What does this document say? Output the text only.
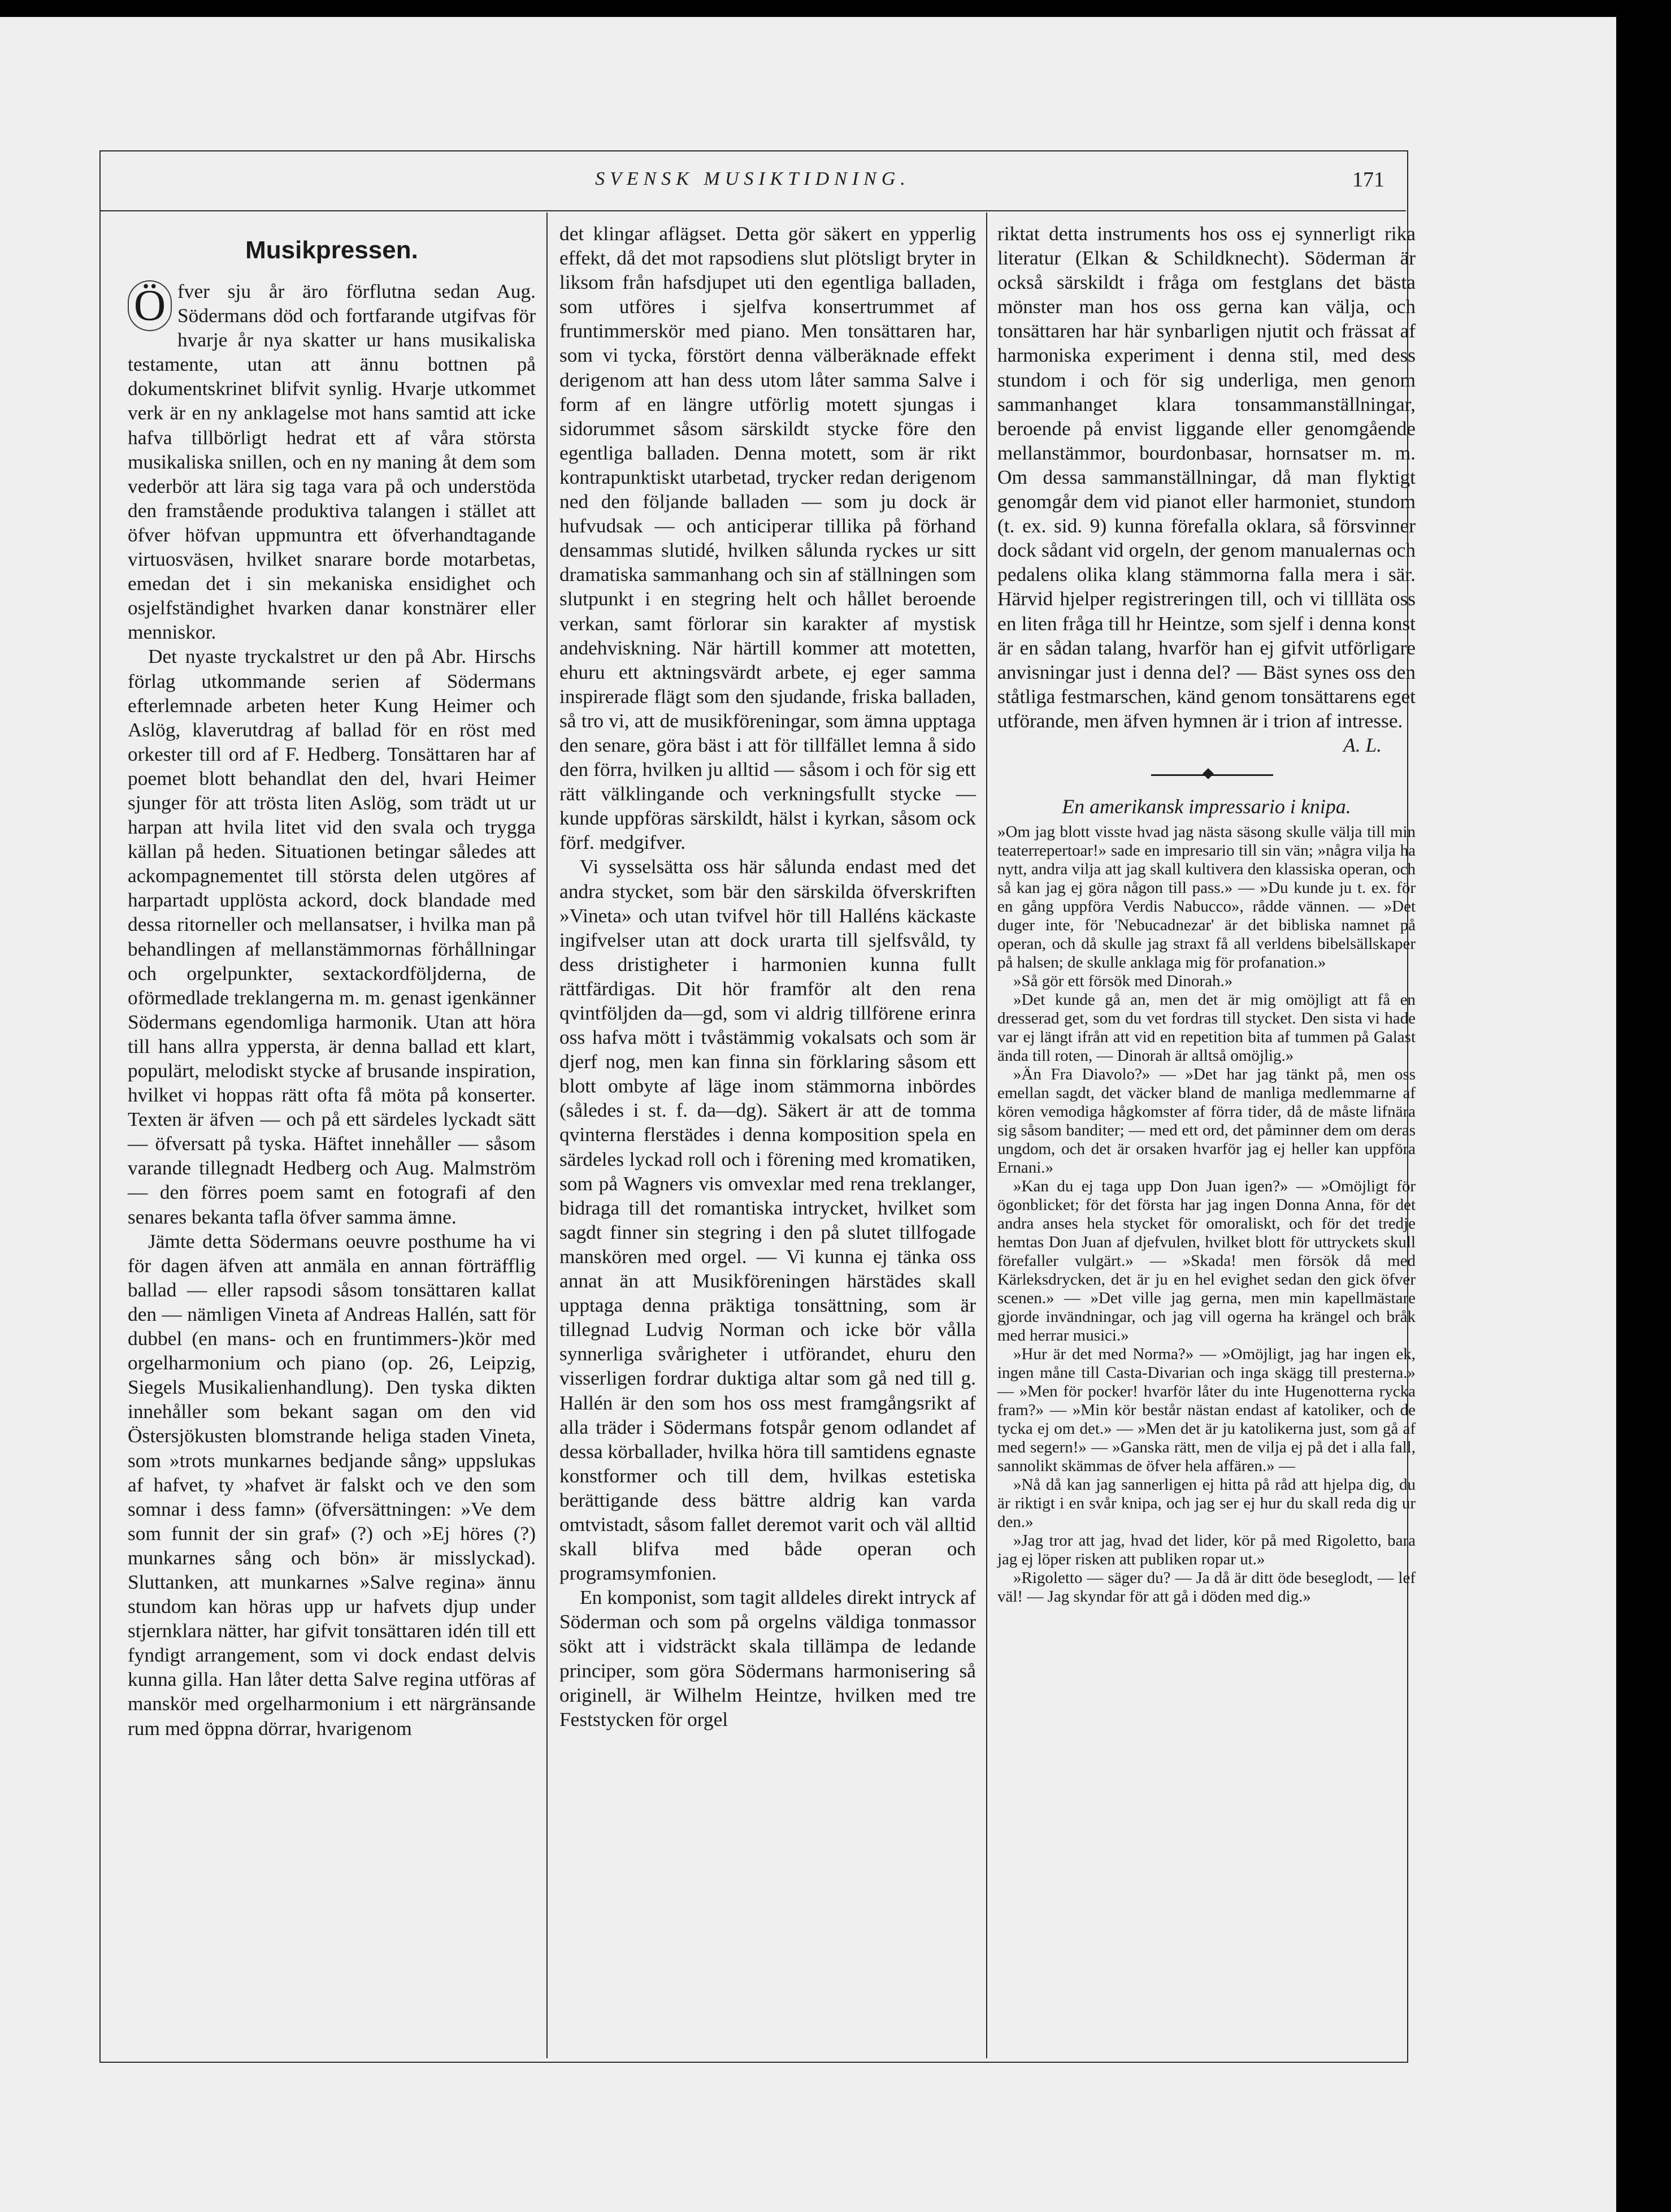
SVENSK MUSIKTIDNING.	171
Musikpressen.

Ö fver sju år äro förflutna sedan Aug. Södermans död och fortfarande utgifvas för hvarje år nya skatter ur hans musikaliska testamente, utan att ännu bottnen på dokumentskrinet blifvit synlig. Hvarje utkommet verk är en ny anklagelse mot hans samtid att icke hafva tillbörligt hedrat ett af våra största musikaliska snillen, och en ny maning åt dem som vederbör att lära sig taga vara på och understöda den framstående produktiva talangen i stället att öfver höfvan uppmuntra ett öfverhandtagande virtuosväsen, hvilket snarare borde motarbetas, emedan det i sin mekaniska ensidighet och osjelfständighet hvarken danar konstnärer eller menniskor.

Det nyaste tryckalstret ur den på Abr. Hirschs förlag utkommande serien af Södermans efterlemnade arbeten heter Kung Heimer och Aslög, klaverutdrag af ballad för en röst med orkester till ord af F. Hedberg. Tonsättaren har af poemet blott behandlat den del, hvari Heimer sjunger för att trösta liten Aslög, som trädt ut ur harpan att hvila litet vid den svala och trygga källan på heden. Situationen betingar således att ackompagnementet till största delen utgöres af harpartadt upplösta ackord, dock blandade med dessa ritorneller och mellansatser, i hvilka man på behandlingen af mellanstämmornas förhållningar och orgelpunkter, sextackordföljderna, de oförmedlade treklangerna m. m. genast igenkänner Södermans egendomliga harmonik. Utan att höra till hans allra yppersta, är denna ballad ett klart, populärt, melodiskt stycke af brusande inspiration, hvilket vi hoppas rätt ofta få möta på konserter. Texten är äfven — och på ett särdeles lyckadt sätt — öfversatt på tyska. Häftet innehåller — såsom varande tillegnadt Hedberg och Aug. Malmström — den förres poem samt en fotografi af den senares bekanta tafla öfver samma ämne.

Jämte detta Södermans oeuvre posthume ha vi för dagen äfven att anmäla en annan förträfflig ballad — eller rapsodi såsom tonsättaren kallat den — nämligen Vineta af Andreas Hallén, satt för dubbel (en mans- och en fruntimmers-)kör med orgelharmonium och piano (op. 26, Leipzig, Siegels Musikalienhandlung). Den tyska dikten innehåller som bekant sagan om den vid Östersjökusten blomstrande heliga staden Vineta, som »trots munkarnes bedjande sång» uppslukas af hafvet, ty »hafvet är falskt och ve den som somnar i dess famn» (öfversättningen: »Ve dem som funnit der sin graf» (?) och »Ej höres (?) munkarnes sång och bön» är misslyckad). Sluttanken, att munkarnes »Salve regina» ännu stundom kan höras upp ur hafvets djup under stjernklara nätter, har gifvit tonsättaren idén till ett fyndigt arrangement, som vi dock endast delvis kunna gilla. Han låter detta Salve regina utföras af manskör med orgelharmonium i ett närgränsande rum med öppna dörrar, hvarigenom

det klingar aflägset. Detta gör säkert en ypperlig effekt, då det mot rapsodiens slut plötsligt bryter in liksom från hafsdjupet uti den egentliga balladen, som utföres i sjelfva konsertrummet af fruntimmerskör med piano. Men tonsättaren har, som vi tycka, förstört denna välberäknade effekt derigenom att han dess utom låter samma Salve i form af en längre utförlig motett sjungas i sidorummet såsom särskildt stycke före den egentliga balladen. Denna motett, som är rikt kontrapunktiskt utarbetad, trycker redan derigenom ned den följande balladen — som ju dock är hufvudsak — och anticiperar tillika på förhand densammas slutidé, hvilken sålunda ryckes ur sitt dramatiska sammanhang och sin af ställningen som slutpunkt i en stegring helt och hållet beroende verkan, samt förlorar sin karakter af mystisk andehviskning. När härtill kommer att motetten, ehuru ett aktningsvärdt arbete, ej eger samma inspirerade flägt som den sjudande, friska balladen, så tro vi, att de musikföreningar, som ämna upptaga den senare, göra bäst i att för tillfället lemna å sido den förra, hvilken ju alltid — såsom i och för sig ett rätt välklingande och verkningsfullt stycke — kunde uppföras särskildt, hälst i kyrkan, såsom ock förf. medgifver.

Vi sysselsätta oss här sålunda endast med det andra stycket, som bär den särskilda öfverskriften »Vineta» och utan tvifvel hör till Halléns käckaste ingifvelser utan att dock urarta till sjelfsvåld, ty dess dristigheter i harmonien kunna fullt rättfärdigas. Dit hör framför alt den rena qvintföljden da—gd, som vi aldrig tillförene erinra oss hafva mött i tvåstämmig vokalsats och som är djerf nog, men kan finna sin förklaring såsom ett blott ombyte af läge inom stämmorna inbördes (således i st. f. da—dg). Säkert är att de tomma qvinterna flerstädes i denna komposition spela en särdeles lyckad roll och i förening med kromatiken, som på Wagners vis omvexlar med rena treklanger, bidraga till det romantiska intrycket, hvilket som sagdt finner sin stegring i den på slutet tillfogade manskören med orgel. — Vi kunna ej tänka oss annat än att Musikföreningen härstädes skall upptaga denna präktiga tonsättning, som är tillegnad Ludvig Norman och icke bör vålla synnerliga svårigheter i utförandet, ehuru den visserligen fordrar duktiga altar som gå ned till g. Hallén är den som hos oss mest framgångsrikt af alla träder i Södermans fotspår genom odlandet af dessa körballader, hvilka höra till samtidens egnaste konstformer och till dem, hvilkas estetiska berättigande dess bättre aldrig kan varda omtvistadt, såsom fallet deremot varit och väl alltid skall blifva med både operan och programsymfonien.

En komponist, som tagit alldeles direkt intryck af Söderman och som på orgelns väldiga tonmassor sökt att i vidsträckt skala tillämpa de ledande principer, som göra Södermans harmonisering så originell, är Wilhelm Heintze, hvilken med tre Feststycken för orgel

riktat detta instruments hos oss ej synnerligt rika literatur (Elkan & Schildknecht). Söderman är också särskildt i fråga om festglans det bästa mönster man hos oss gerna kan välja, och tonsättaren har här synbarligen njutit och frässat af harmoniska experiment i denna stil, med dess stundom i och för sig underliga, men genom sammanhanget klara tonsammanställningar, beroende på envist liggande eller genomgående mellanstämmor, bourdonbasar, hornsatser m. m. Om dessa sammanställningar, då man flyktigt genomgår dem vid pianot eller harmoniet, stundom (t. ex. sid. 9) kunna förefalla oklara, så försvinner dock sådant vid orgeln, der genom manualernas och pedalens olika klang stämmorna falla mera i sär. Härvid hjelper registreringen till, och vi tillläta oss en liten fråga till hr Heintze, som sjelf i denna konst är en sådan talang, hvarför han ej gifvit utförligare anvisningar just i denna del? — Bäst synes oss den ståtliga festmarschen, känd genom tonsättarens eget utförande, men äfven hymnen är i trion af intresse.

A. L.

En amerikansk impressario i knipa.

»Om jag blott visste hvad jag nästa säsong skulle välja till min teaterrepertoar!» sade en impresario till sin vän; »några vilja ha nytt, andra vilja att jag skall kultivera den klassiska operan, och så kan jag ej göra någon till pass.» — »Du kunde ju t. ex. för en gång uppföra Verdis Nabucco», rådde vännen. — »Det duger inte, för 'Nebucadnezar' är det bibliska namnet på operan, och då skulle jag straxt få all verldens bibelsällskaper på halsen; de skulle anklaga mig för profanation.»

»Så gör ett försök med Dinorah.»

»Det kunde gå an, men det är mig omöjligt att få en dresserad get, som du vet fordras till stycket. Den sista vi hade var ej längt ifrån att vid en repetition bita af tummen på Galast ända till roten, — Dinorah är alltså omöjlig.»

»Än Fra Diavolo?» — »Det har jag tänkt på, men oss emellan sagdt, det väcker bland de manliga medlemmarne af kören vemodiga hågkomster af förra tider, då de måste lifnära sig såsom banditer; — med ett ord, det påminner dem om deras ungdom, och det är orsaken hvarför jag ej heller kan uppföra Ernani.»

»Kan du ej taga upp Don Juan igen?» — »Omöjligt för ögonblicket; för det första har jag ingen Donna Anna, för det andra anses hela stycket för omoraliskt, och för det tredje hemtas Don Juan af djefvulen, hvilket blott för uttryckets skull förefaller vulgärt.» — »Skada! men försök då med Kärleksdrycken, det är ju en hel evighet sedan den gick öfver scenen.» — »Det ville jag gerna, men min kapellmästare gjorde invändningar, och jag vill ogerna ha krängel och bråk med herrar musici.»

»Hur är det med Norma?» — »Omöjligt, jag har ingen ek, ingen måne till Casta-Divarian och inga skägg till presterna.» — »Men för pocker! hvarför låter du inte Hugenotterna rycka fram?» — »Min kör består nästan endast af katoliker, och de tycka ej om det.» — »Men det är ju katolikerna just, som gå af med segern!» — »Ganska rätt, men de vilja ej på det i alla fall, sannolikt skämmas de öfver hela affären.» —

»Nå då kan jag sannerligen ej hitta på råd att hjelpa dig, du är riktigt i en svår knipa, och jag ser ej hur du skall reda dig ur den.»

»Jag tror att jag, hvad det lider, kör på med Rigoletto, bara jag ej löper risken att publiken ropar ut.»

»Rigoletto — säger du? — Ja då är ditt öde beseglodt, — lef väl! — Jag skyndar för att gå i döden med dig.»
